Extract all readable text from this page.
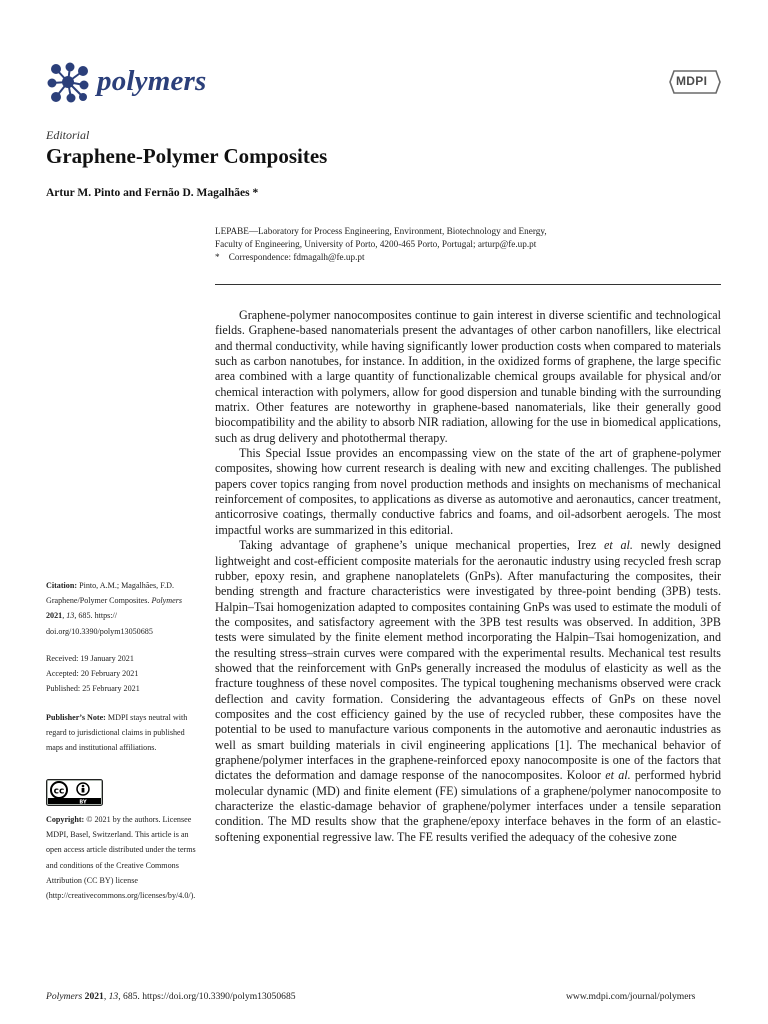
polymers	MDPI
Editorial
Graphene-Polymer Composites
Artur M. Pinto and Fernão D. Magalhães *
LEPABE—Laboratory for Process Engineering, Environment, Biotechnology and Energy,
Faculty of Engineering, University of Porto, 4200-465 Porto, Portugal; arturp@fe.up.pt
* Correspondence: fdmagalh@fe.up.pt
Citation: Pinto, A.M.; Magalhães, F.D. Graphene/Polymer Composites. Polymers 2021, 13, 685. https:// doi.org/10.3390/polym13050685
Received: 19 January 2021
Accepted: 20 February 2021
Published: 25 February 2021
Publisher’s Note: MDPI stays neutral with regard to jurisdictional claims in published maps and institutional affiliations.
cc
BY
Copyright: © 2021 by the authors. Licensee MDPI, Basel, Switzerland. This article is an open access article distributed under the terms and conditions of the Creative Commons Attribution (CC BY) license (http://creativecommons.org/licenses/by/4.0/).

Graphene-polymer nanocomposites continue to gain interest in diverse scientific and technological fields. Graphene-based nanomaterials present the advantages of other carbon nanofillers, like electrical and thermal conductivity, while having significantly lower production costs when compared to materials such as carbon nanotubes, for instance. In addition, in the oxidized forms of graphene, the large specific area combined with a large quantity of functionalizable chemical groups available for physical and/or chemical interaction with polymers, allow for good dispersion and tunable binding with the surrounding matrix. Other features are noteworthy in graphene-based nanomaterials, like their generally good biocompatibility and the ability to absorb NIR radiation, allowing for the use in biomedical applications, such as drug delivery and photothermal therapy.

This Special Issue provides an encompassing view on the state of the art of graphene-polymer composites, showing how current research is dealing with new and exciting challenges. The published papers cover topics ranging from novel production methods and insights on mechanisms of mechanical reinforcement of composites, to applications as diverse as automotive and aeronautics, cancer treatment, anticorrosive coatings, thermally conductive fabrics and foams, and oil-adsorbent aerogels. The most impactful works are summarized in this editorial.

Taking advantage of graphene’s unique mechanical properties, Irez et al. newly designed lightweight and cost-efficient composite materials for the aeronautic industry using recycled fresh scrap rubber, epoxy resin, and graphene nanoplatelets (GnPs). After manufacturing the composites, their bending strength and fracture characteristics were investigated by three-point bending (3PB) tests. Halpin–Tsai homogenization adapted to composites containing GnPs was used to estimate the moduli of the composites, and satisfactory agreement with the 3PB test results was observed. In addition, 3PB tests were simulated by the finite element method incorporating the Halpin–Tsai homogenization, and the resulting stress–strain curves were compared with the experimental results. Mechanical test results showed that the reinforcement with GnPs generally increased the modulus of elasticity as well as the fracture toughness of these novel composites. The typical toughening mechanisms observed were crack deflection and cavity formation. Considering the advantageous effects of GnPs on these novel composites and the cost efficiency gained by the use of recycled rubber, these composites have the potential to be used to manufacture various components in the automotive and aeronautic industries as well as smart building materials in civil engineering applications [1]. The mechanical behavior of graphene/polymer interfaces in the graphene-reinforced epoxy nanocomposite is one of the factors that dictates the deformation and damage response of the nanocomposites. Koloor et al. performed hybrid molecular dynamic (MD) and finite element (FE) simulations of a graphene/polymer nanocomposite to characterize the elastic-damage behavior of graphene/polymer interfaces under a tensile separation condition. The MD results show that the graphene/epoxy interface behaves in the form of an elastic-softening exponential regressive law. The FE results verified the adequacy of the cohesive zone

Polymers 2021, 13, 685. https://doi.org/10.3390/polym13050685	www.mdpi.com/journal/polymers
